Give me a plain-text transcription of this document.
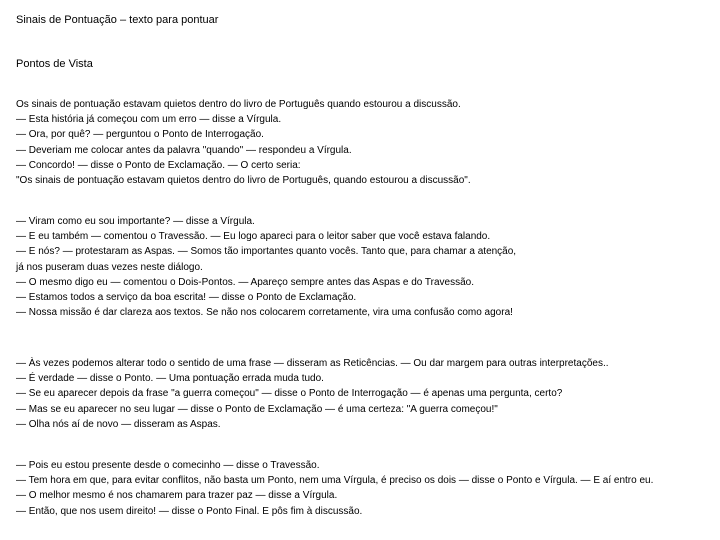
Sinais de Pontuação – texto para pontuar
Pontos de Vista
Os sinais de pontuação estavam quietos dentro do livro de Português quando estourou a discussão.
— Esta história já começou com um erro — disse a Vírgula.
— Ora, por quê? — perguntou o Ponto de Interrogação.
— Deveriam me colocar antes da palavra "quando" — respondeu a Vírgula.
— Concordo! — disse o Ponto de Exclamação. — O certo seria:
"Os sinais de pontuação estavam quietos dentro do livro de Português, quando estourou a discussão".
— Viram como eu sou importante? — disse a Vírgula.
— E eu também — comentou o Travessão. — Eu logo apareci para o leitor saber que você estava falando.
— E nós? — protestaram as Aspas. — Somos tão importantes quanto vocês. Tanto que, para chamar a atenção,
já nos puseram duas vezes neste diálogo.
— O mesmo digo eu — comentou o Dois-Pontos. — Apareço sempre antes das Aspas e do Travessão.
— Estamos todos a serviço da boa escrita! — disse o Ponto de Exclamação.
— Nossa missão é dar clareza aos textos. Se não nos colocarem corretamente, vira uma confusão como agora!
— Às vezes podemos alterar todo o sentido de uma frase — disseram as Reticências. — Ou dar margem para outras interpretações..
— É verdade — disse o Ponto. — Uma pontuação errada muda tudo.
— Se eu aparecer depois da frase "a guerra começou" — disse o Ponto de Interrogação — é apenas uma pergunta, certo?
— Mas se eu aparecer no seu lugar — disse o Ponto de Exclamação — é uma certeza: "A guerra começou!"
— Olha nós aí de novo — disseram as Aspas.
— Pois eu estou presente desde o comecinho — disse o Travessão.
— Tem hora em que, para evitar conflitos, não basta um Ponto, nem uma Vírgula, é preciso os dois — disse o Ponto e Vírgula. — E aí entro eu.
— O melhor mesmo é nos chamarem para trazer paz — disse a Vírgula.
— Então, que nos usem direito! — disse o Ponto Final. E pôs fim à discussão.
